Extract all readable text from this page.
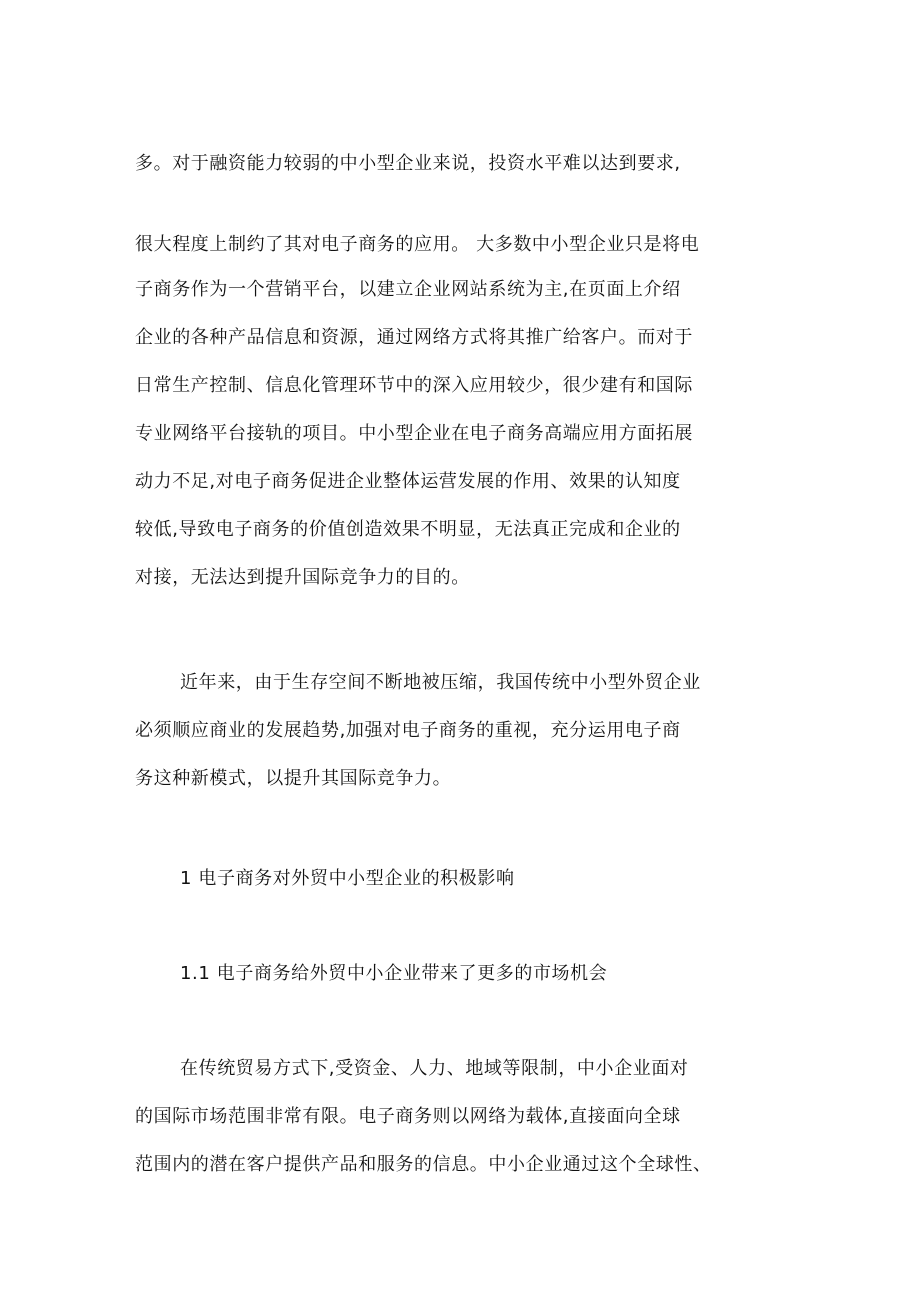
多。对于融资能力较弱的中小型企业来说，投资水平难以达到要求,
很大程度上制约了其对电子商务的应用。 大多数中小型企业只是将电
子商务作为一个营销平台，以建立企业网站系统为主,在页面上介绍
企业的各种产品信息和资源，通过网络方式将其推广给客户。而对于
日常生产控制、信息化管理环节中的深入应用较少，很少建有和国际
专业网络平台接轨的项目。中小型企业在电子商务高端应用方面拓展
动力不足,对电子商务促进企业整体运营发展的作用、效果的认知度
较低,导致电子商务的价值创造效果不明显，无法真正完成和企业的
对接，无法达到提升国际竞争力的目的。
近年来，由于生存空间不断地被压缩，我国传统中小型外贸企业
必须顺应商业的发展趋势,加强对电子商务的重视，充分运用电子商
务这种新模式，以提升其国际竞争力。
1 电子商务对外贸中小型企业的积极影响
1.1 电子商务给外贸中小企业带来了更多的市场机会
在传统贸易方式下,受资金、人力、地域等限制，中小企业面对
的国际市场范围非常有限。电子商务则以网络为载体,直接面向全球
范围内的潜在客户提供产品和服务的信息。中小企业通过这个全球性、
